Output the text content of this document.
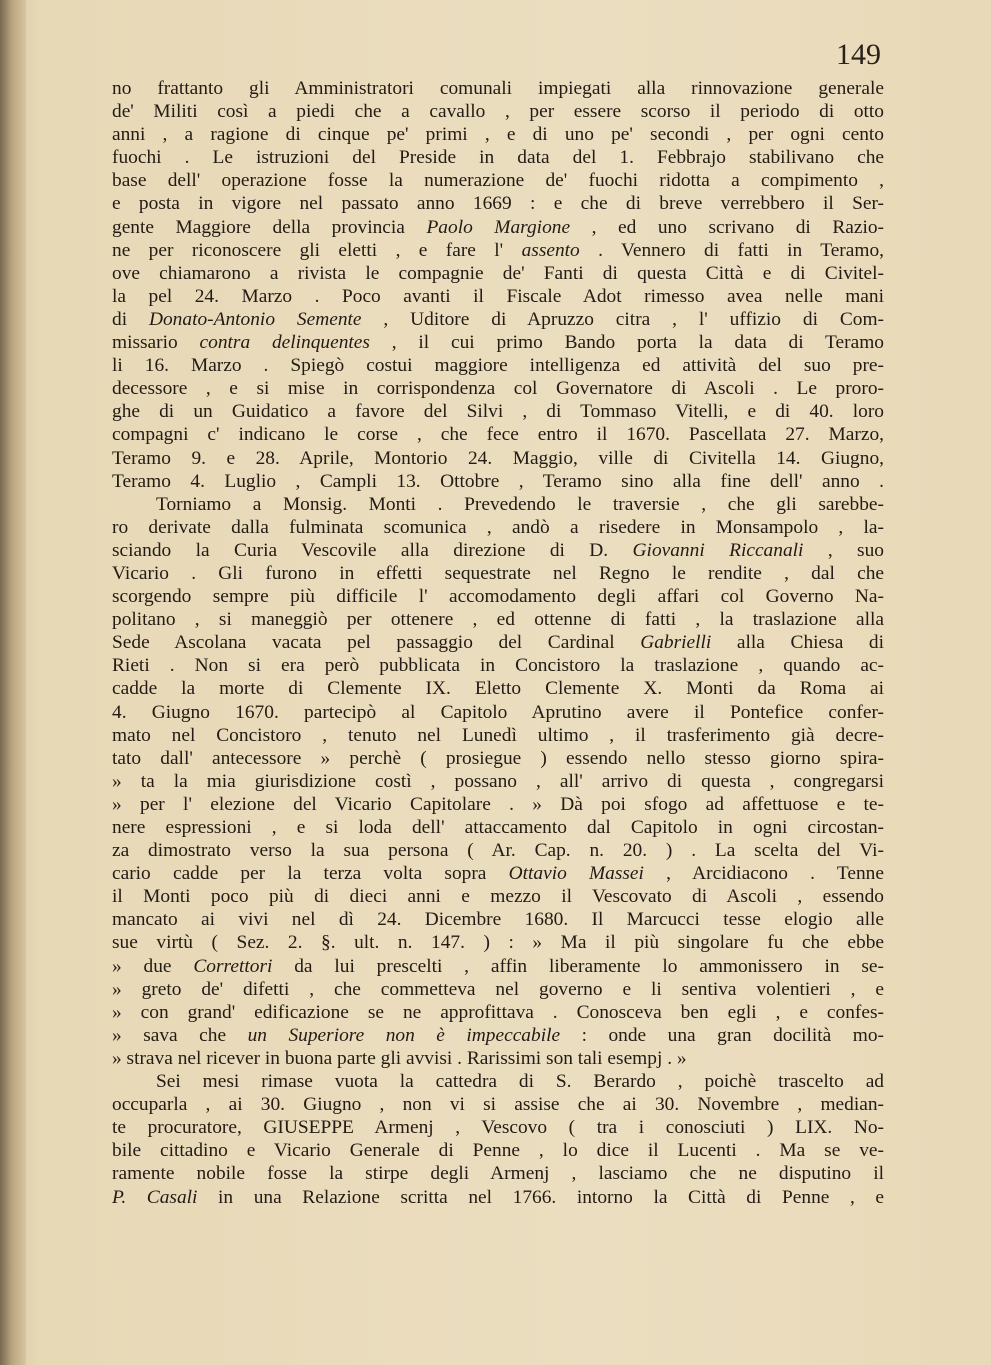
149
no frattanto gli Amministratori comunali impiegati alla rinnovazione generale
de' Militi così a piedi che a cavallo , per essere scorso il periodo di otto
anni , a ragione di cinque pe' primi , e di uno pe' secondi , per ogni cento
fuochi . Le istruzioni del Preside in data del 1. Febbrajo stabilivano che
base dell' operazione fosse la numerazione de' fuochi ridotta a compimento ,
e posta in vigore nel passato anno 1669 : e che di breve verrebbero il Ser-
gente Maggiore della provincia Paolo Margione , ed uno scrivano di Razio-
ne per riconoscere gli eletti , e fare l' assento . Vennero di fatti in Teramo,
ove chiamarono a rivista le compagnie de' Fanti di questa Città e di Civitel-
la pel 24. Marzo . Poco avanti il Fiscale Adot rimesso avea nelle mani
di Donato-Antonio Semente , Uditore di Apruzzo citra , l' uffizio di Com-
missario contra delinquentes , il cui primo Bando porta la data di Teramo
li 16. Marzo . Spiegò costui maggiore intelligenza ed attività del suo pre-
decessore , e si mise in corrispondenza col Governatore di Ascoli . Le proro-
ghe di un Guidatico a favore del Silvi , di Tommaso Vitelli, e di 40. loro
compagni c' indicano le corse , che fece entro il 1670. Pascellata 27. Marzo,
Teramo 9. e 28. Aprile, Montorio 24. Maggio, ville di Civitella 14. Giugno,
Teramo 4. Luglio , Campli 13. Ottobre , Teramo sino alla fine dell' anno .
Torniamo a Monsig. Monti . Prevedendo le traversie , che gli sarebbe-
ro derivate dalla fulminata scomunica , andò a risedere in Monsampolo , la-
sciando la Curia Vescovile alla direzione di D. Giovanni Riccanali , suo
Vicario . Gli furono in effetti sequestrate nel Regno le rendite , dal che
scorgendo sempre più difficile l' accomodamento degli affari col Governo Na-
politano , si maneggiò per ottenere , ed ottenne di fatti , la traslazione alla
Sede Ascolana vacata pel passaggio del Cardinal Gabrielli alla Chiesa di
Rieti . Non si era però pubblicata in Concistoro la traslazione , quando ac-
cadde la morte di Clemente IX. Eletto Clemente X. Monti da Roma ai
4. Giugno 1670. partecipò al Capitolo Aprutino avere il Pontefice confer-
mato nel Concistoro , tenuto nel Lunedì ultimo , il trasferimento già decre-
tato dall' antecessore » perchè ( prosiegue ) essendo nello stesso giorno spira-
» ta la mia giurisdizione costì , possano , all' arrivo di questa , congregarsi
» per l' elezione del Vicario Capitolare . » Dà poi sfogo ad affettuose e te-
nere espressioni , e si loda dell' attaccamento dal Capitolo in ogni circostan-
za dimostrato verso la sua persona ( Ar. Cap. n. 20. ) . La scelta del Vi-
cario cadde per la terza volta sopra Ottavio Massei , Arcidiacono . Tenne
il Monti poco più di dieci anni e mezzo il Vescovato di Ascoli , essendo
mancato ai vivi nel dì 24. Dicembre 1680. Il Marcucci tesse elogio alle
sue virtù ( Sez. 2. §. ult. n. 147. ) : » Ma il più singolare fu che ebbe
» due Correttori da lui prescelti , affin liberamente lo ammonissero in se-
» greto de' difetti , che commetteva nel governo e li sentiva volentieri , e
» con grand' edificazione se ne approfittava . Conosceva ben egli , e confes-
» sava che un Superiore non è impeccabile : onde una gran docilità mo-
» strava nel ricever in buona parte gli avvisi . Rarissimi son tali esempj . »
Sei mesi rimase vuota la cattedra di S. Berardo , poichè trascelto ad
occuparla , ai 30. Giugno , non vi si assise che ai 30. Novembre , median-
te procuratore, GIUSEPPE Armenj , Vescovo ( tra i conosciuti ) LIX. No-
bile cittadino e Vicario Generale di Penne , lo dice il Lucenti . Ma se ve-
ramente nobile fosse la stirpe degli Armenj , lasciamo che ne disputino il
P. Casali in una Relazione scritta nel 1766. intorno la Città di Penne , e
